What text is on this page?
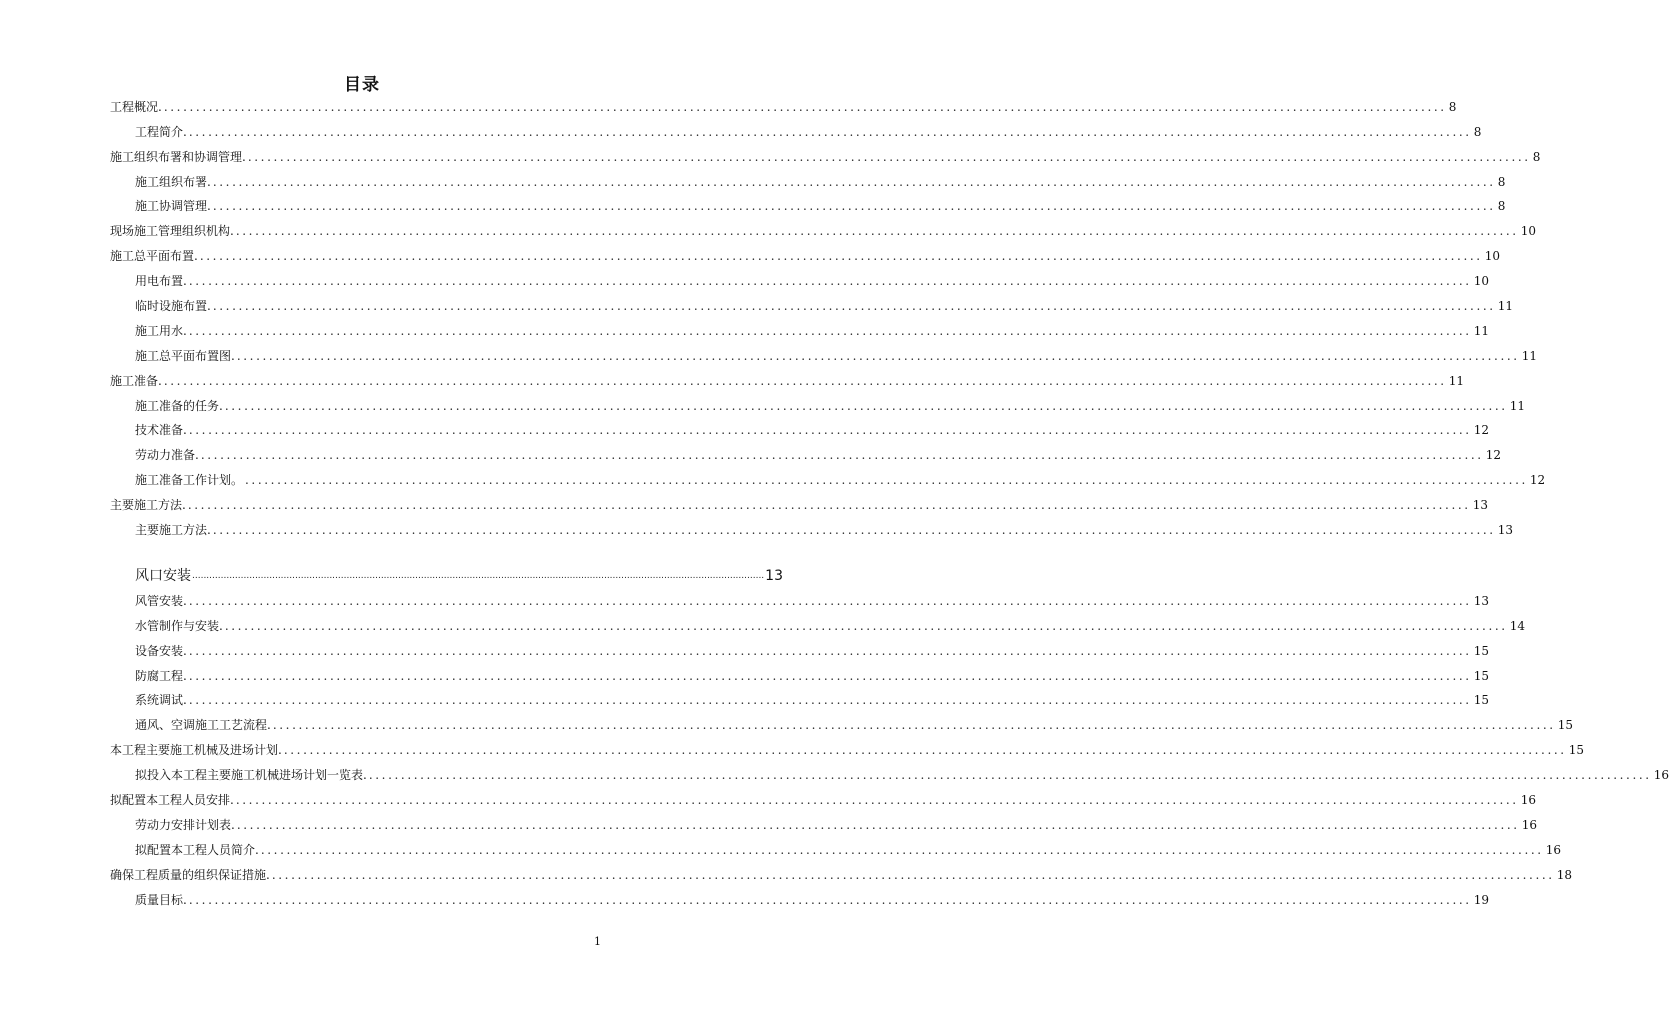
目录
工程概况. ........................................................................................................................................................................................................ 8
工程简介. ........................................................................................................................................................................................................ 8
施工组织布署和协调管理. ........................................................................................................................................................................................................ 8
施工组织布署. ........................................................................................................................................................................................................ 8
施工协调管理. ........................................................................................................................................................................................................ 8
现场施工管理组织机构. ........................................................................................................................................................................................................ 10
施工总平面布置. ........................................................................................................................................................................................................ 10
用电布置. ........................................................................................................................................................................................................ 10
临时设施布置. ........................................................................................................................................................................................................ 11
施工用水. ........................................................................................................................................................................................................ 11
施工总平面布置图. ........................................................................................................................................................................................................ 11
施工准备. ........................................................................................................................................................................................................ 11
施工准备的任务. ........................................................................................................................................................................................................ 11
技术准备. ........................................................................................................................................................................................................ 12
劳动力准备. ........................................................................................................................................................................................................ 12
施工准备工作计划。 ........................................................................................................................................................................................................ 12
主要施工方法. ........................................................................................................................................................................................................ 13
主要施工方法. ........................................................................................................................................................................................................ 13
风口安装 ........................................................................................................................................................................................................ 13
风管安装. ........................................................................................................................................................................................................ 13
水管制作与安装. ........................................................................................................................................................................................................ 14
设备安装. ........................................................................................................................................................................................................ 15
防腐工程. ........................................................................................................................................................................................................ 15
系统调试. ........................................................................................................................................................................................................ 15
通风、空调施工工艺流程. ........................................................................................................................................................................................................ 15
本工程主要施工机械及进场计划. ........................................................................................................................................................................................................ 15
拟投入本工程主要施工机械进场计划一览表. ........................................................................................................................................................................................................ 16
拟配置本工程人员安排. ........................................................................................................................................................................................................ 16
劳动力安排计划表. ........................................................................................................................................................................................................ 16
拟配置本工程人员简介. ........................................................................................................................................................................................................ 16
确保工程质量的组织保证措施. ........................................................................................................................................................................................................ 18
质量目标. ........................................................................................................................................................................................................ 19
1
